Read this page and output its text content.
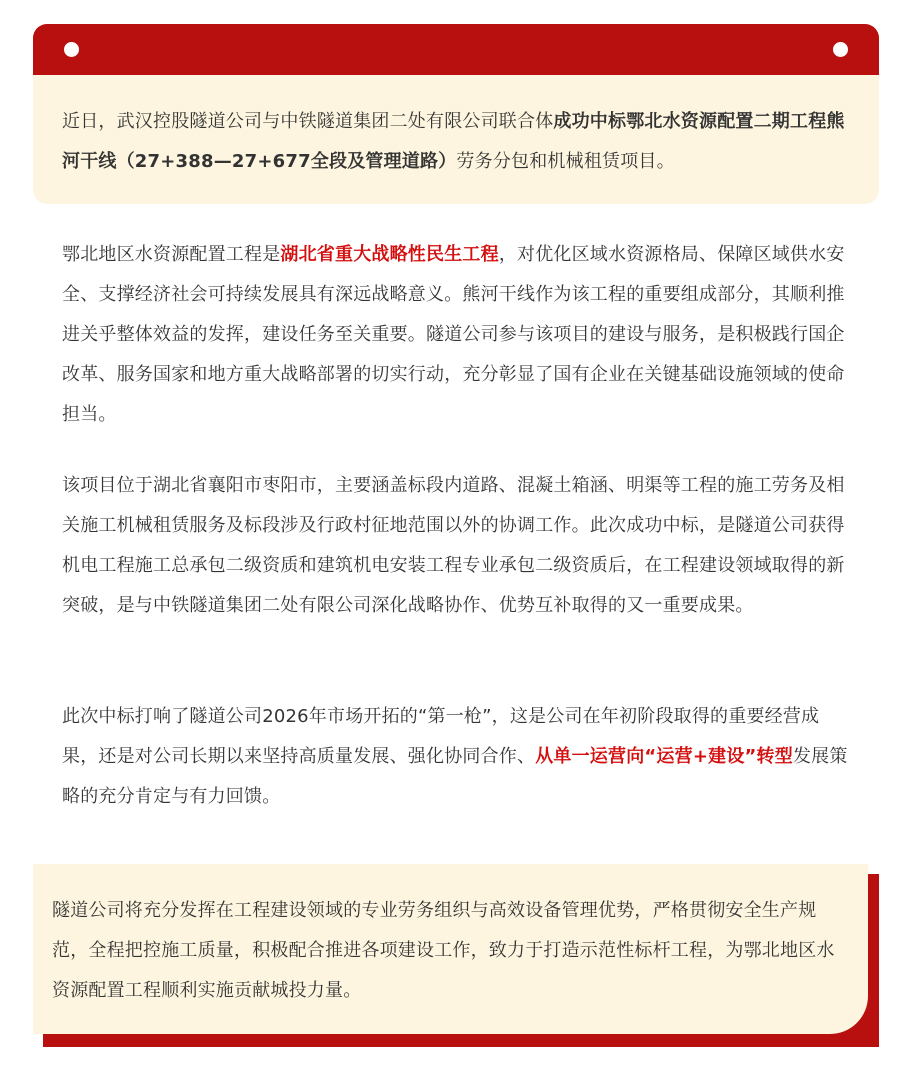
近日，武汉控股隧道公司与中铁隧道集团二处有限公司联合体成功中标鄂北水资源配置二期工程熊河干线（27+388—27+677全段及管理道路）劳务分包和机械租赁项目。

鄂北地区水资源配置工程是湖北省重大战略性民生工程，对优化区域水资源格局、保障区域供水安全、支撑经济社会可持续发展具有深远战略意义。熊河干线作为该工程的重要组成部分，其顺利推进关乎整体效益的发挥，建设任务至关重要。隧道公司参与该项目的建设与服务，是积极践行国企改革、服务国家和地方重大战略部署的切实行动，充分彰显了国有企业在关键基础设施领域的使命担当。

该项目位于湖北省襄阳市枣阳市，主要涵盖标段内道路、混凝土箱涵、明渠等工程的施工劳务及相关施工机械租赁服务及标段涉及行政村征地范围以外的协调工作。此次成功中标，是隧道公司获得机电工程施工总承包二级资质和建筑机电安装工程专业承包二级资质后，在工程建设领域取得的新突破，是与中铁隧道集团二处有限公司深化战略协作、优势互补取得的又一重要成果。

此次中标打响了隧道公司2026年市场开拓的“第一枪”，这是公司在年初阶段取得的重要经营成果，还是对公司长期以来坚持高质量发展、强化协同合作、从单一运营向“运营+建设”转型发展策略的充分肯定与有力回馈。

隧道公司将充分发挥在工程建设领域的专业劳务组织与高效设备管理优势，严格贯彻安全生产规范，全程把控施工质量，积极配合推进各项建设工作，致力于打造示范性标杆工程，为鄂北地区水资源配置工程顺利实施贡献城投力量。
